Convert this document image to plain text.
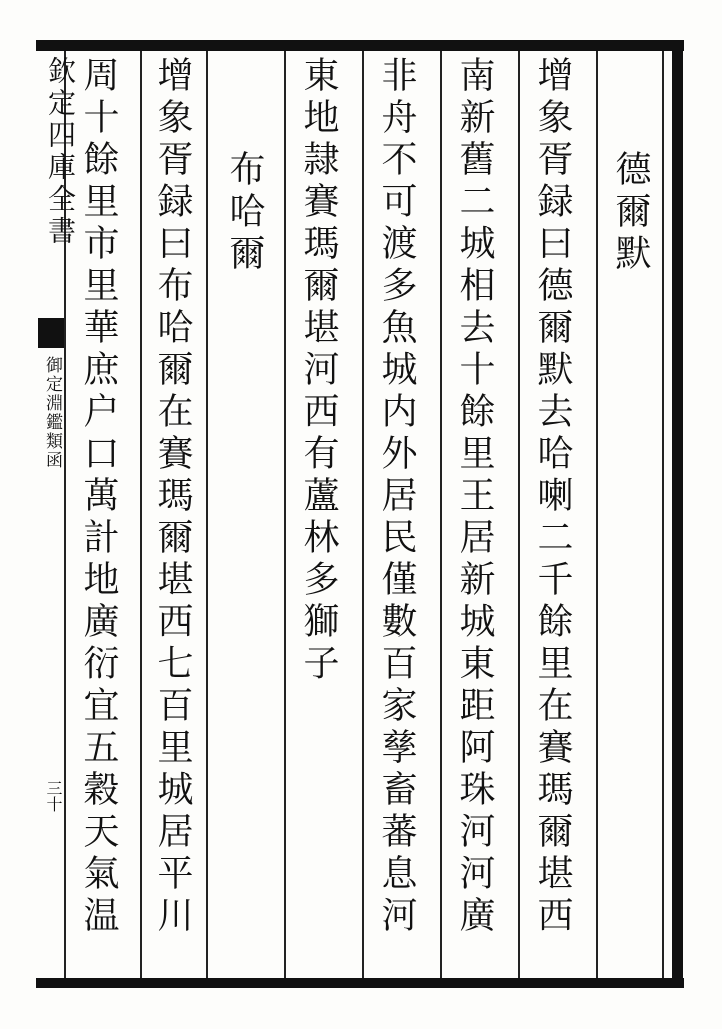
欽定四庫全書
御定淵鑑類函
三十
德爾默
增象胥録曰德爾默去哈喇二千餘里在賽瑪爾堪西
南新舊二城相去十餘里王居新城東距阿珠河河廣
非舟不可渡多魚城内外居民僅數百家孳畜蕃息河
東地隷賽瑪爾堪河西有蘆林多獅子
布哈爾
增象胥録曰布哈爾在賽瑪爾堪西七百里城居平川
周十餘里市里華庶户口萬計地廣衍宜五穀天氣温
